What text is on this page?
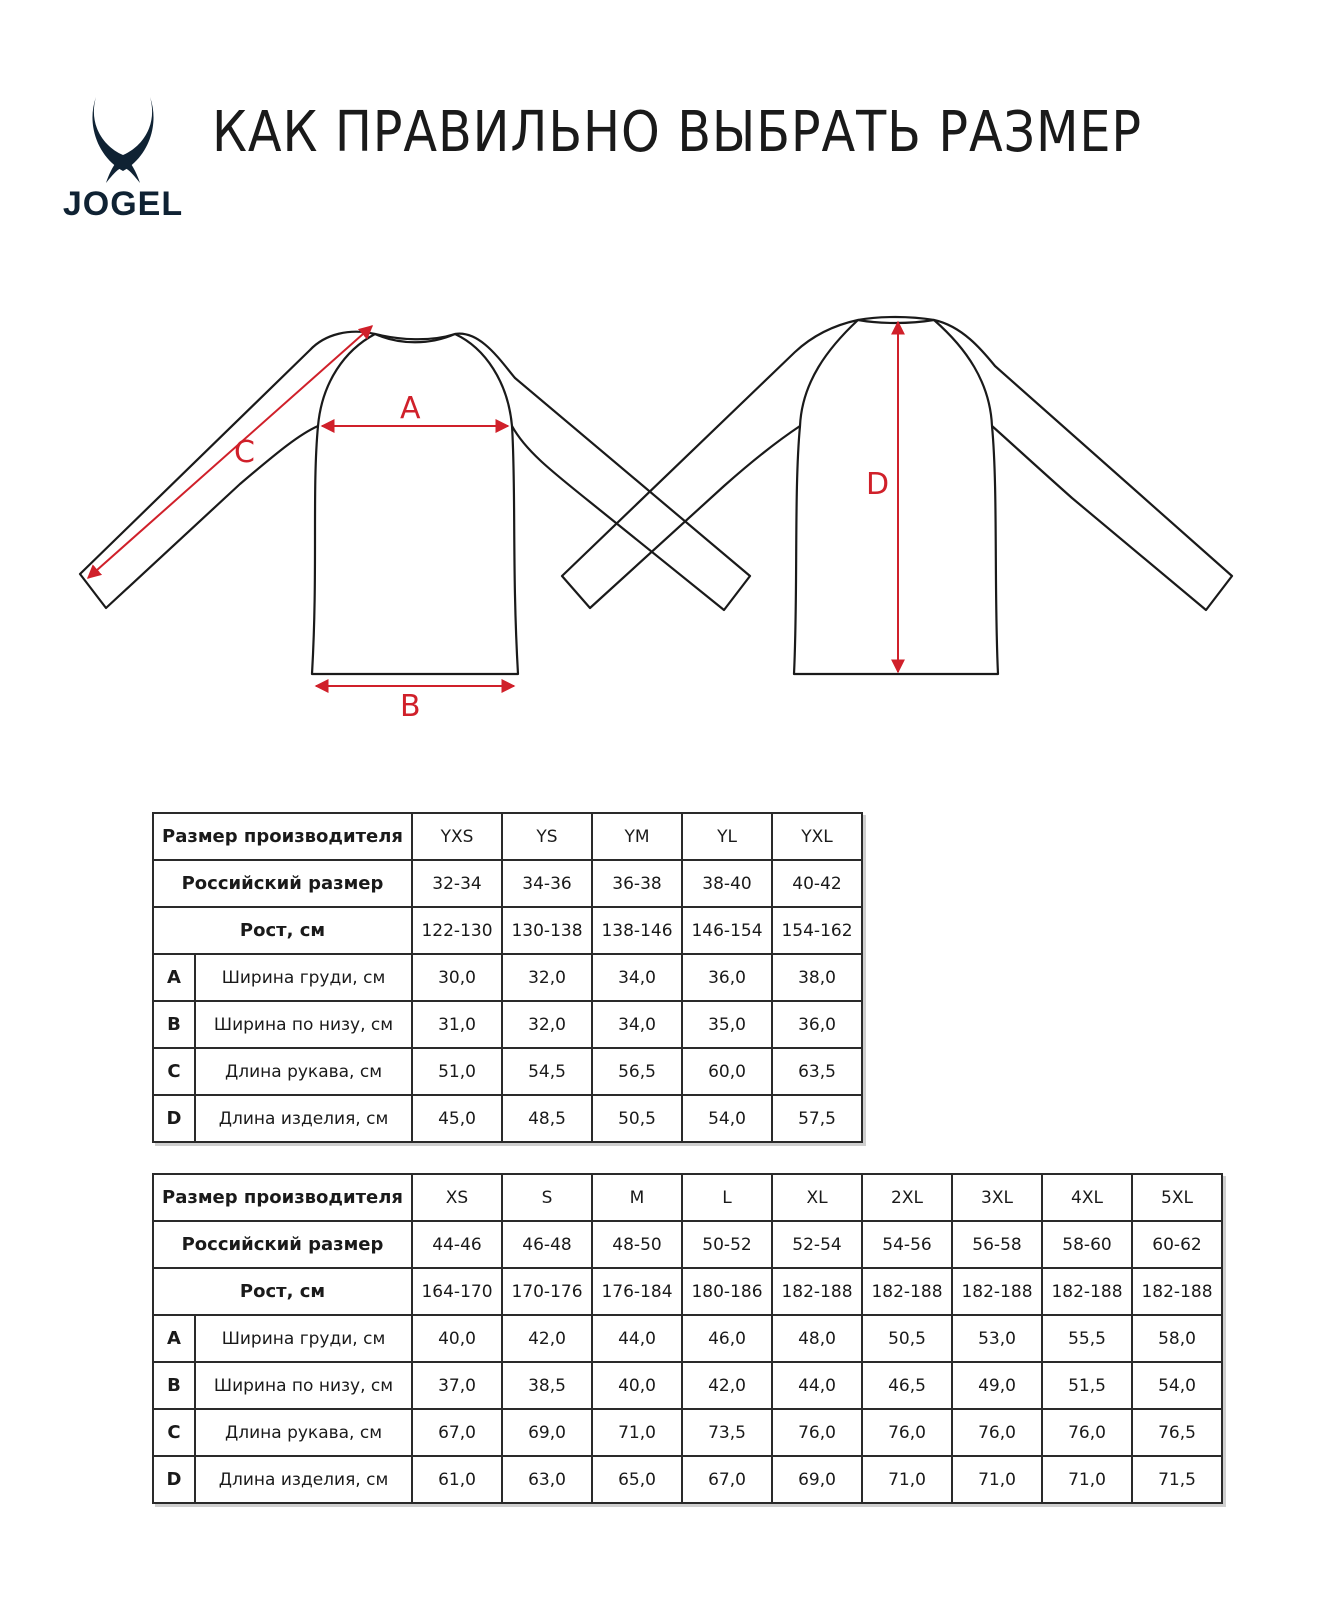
JOGEL
КАК ПРАВИЛЬНО ВЫБРАТЬ РАЗМЕР
A
B
C
D
Размер производителя		YXS	YS	YM	YL	YXL
Российский размер		32-34	34-36	36-38	38-40	40-42
Рост, см		122-130	130-138	138-146	146-154	154-162
A	Ширина груди, см	30,0	32,0	34,0	36,0	38,0
B	Ширина по низу, см	31,0	32,0	34,0	35,0	36,0
C	Длина рукава, см	51,0	54,5	56,5	60,0	63,5
D	Длина изделия, см	45,0	48,5	50,5	54,0	57,5
Размер производителя		XS	S	M	L	XL	2XL	3XL	4XL	5XL
Российский размер		44-46	46-48	48-50	50-52	52-54	54-56	56-58	58-60	60-62
Рост, см		164-170	170-176	176-184	180-186	182-188	182-188	182-188	182-188	182-188
A	Ширина груди, см	40,0	42,0	44,0	46,0	48,0	50,5	53,0	55,5	58,0
B	Ширина по низу, см	37,0	38,5	40,0	42,0	44,0	46,5	49,0	51,5	54,0
C	Длина рукава, см	67,0	69,0	71,0	73,5	76,0	76,0	76,0	76,0	76,5
D	Длина изделия, см	61,0	63,0	65,0	67,0	69,0	71,0	71,0	71,0	71,5
